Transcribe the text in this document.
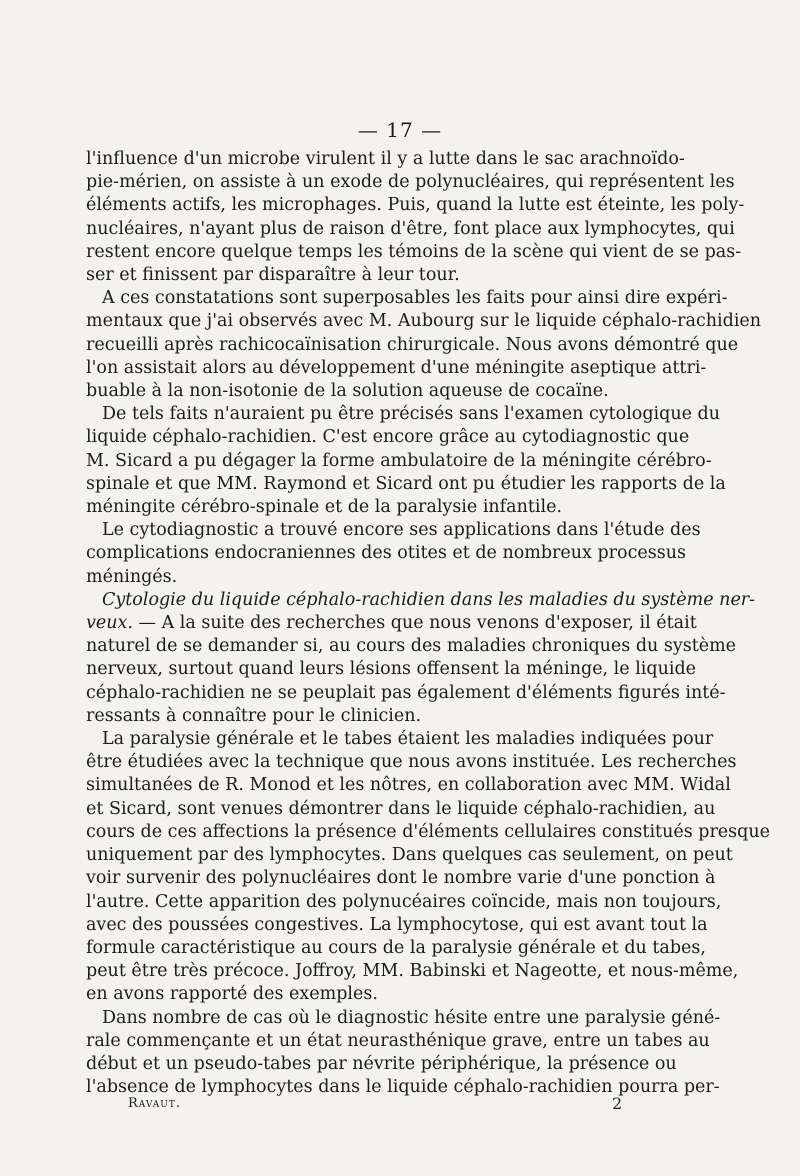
— 17 —
l'influence d'un microbe virulent il y a lutte dans le sac arachnoïdo-
pie-mérien, on assiste à un exode de polynucléaires, qui représentent les
éléments actifs, les microphages. Puis, quand la lutte est éteinte, les poly-
nucléaires, n'ayant plus de raison d'être, font place aux lymphocytes, qui
restent encore quelque temps les témoins de la scène qui vient de se pas-
ser et finissent par disparaître à leur tour.
A ces constatations sont superposables les faits pour ainsi dire expéri-
mentaux que j'ai observés avec M. Aubourg sur le liquide céphalo-rachidien
recueilli après rachicocaïnisation chirurgicale. Nous avons démontré que
l'on assistait alors au développement d'une méningite aseptique attri-
buable à la non-isotonie de la solution aqueuse de cocaïne.
De tels faits n'auraient pu être précisés sans l'examen cytologique du
liquide céphalo-rachidien. C'est encore grâce au cytodiagnostic que
M. Sicard a pu dégager la forme ambulatoire de la méningite cérébro-
spinale et que MM. Raymond et Sicard ont pu étudier les rapports de la
méningite cérébro-spinale et de la paralysie infantile.
Le cytodiagnostic a trouvé encore ses applications dans l'étude des
complications endocraniennes des otites et de nombreux processus
méningés.
Cytologie du liquide céphalo-rachidien dans les maladies du système ner-
veux. — A la suite des recherches que nous venons d'exposer, il était
naturel de se demander si, au cours des maladies chroniques du système
nerveux, surtout quand leurs lésions offensent la méninge, le liquide
céphalo-rachidien ne se peuplait pas également d'éléments figurés inté-
ressants à connaître pour le clinicien.
La paralysie générale et le tabes étaient les maladies indiquées pour
être étudiées avec la technique que nous avons instituée. Les recherches
simultanées de R. Monod et les nôtres, en collaboration avec MM. Widal
et Sicard, sont venues démontrer dans le liquide céphalo-rachidien, au
cours de ces affections la présence d'éléments cellulaires constitués presque
uniquement par des lymphocytes. Dans quelques cas seulement, on peut
voir survenir des polynucléaires dont le nombre varie d'une ponction à
l'autre. Cette apparition des polynucéaires coïncide, mais non toujours,
avec des poussées congestives. La lymphocytose, qui est avant tout la
formule caractéristique au cours de la paralysie générale et du tabes,
peut être très précoce. Joffroy, MM. Babinski et Nageotte, et nous-même,
en avons rapporté des exemples.
Dans nombre de cas où le diagnostic hésite entre une paralysie géné-
rale commençante et un état neurasthénique grave, entre un tabes au
début et un pseudo-tabes par névrite périphérique, la présence ou
l'absence de lymphocytes dans le liquide céphalo-rachidien pourra per-
Ravaut.	2
